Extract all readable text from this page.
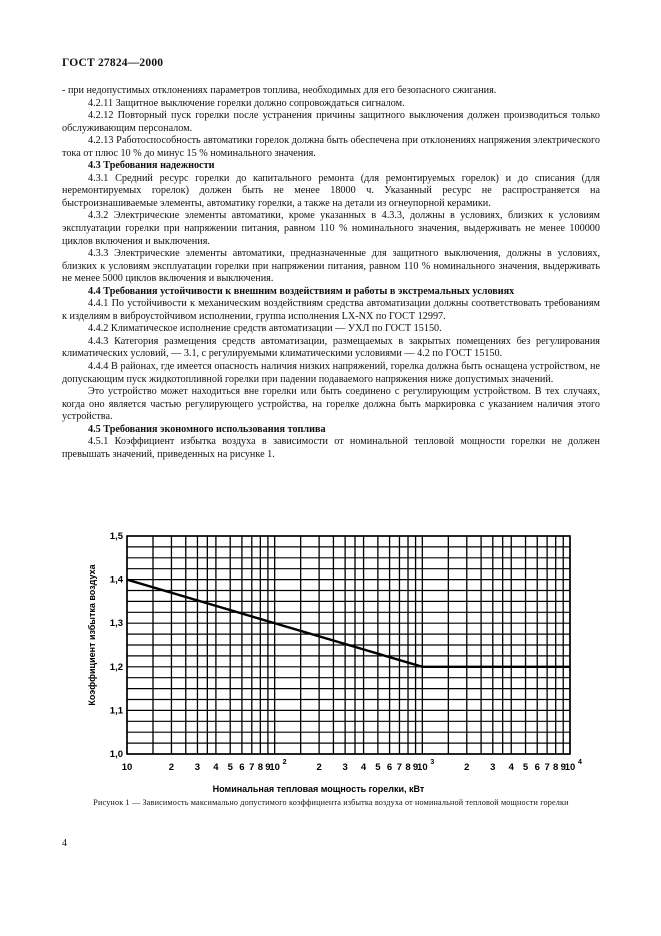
ГОСТ 27824—2000

- при недопустимых отклонениях параметров топлива, необходимых для его безопасного сжигания.

4.2.11 Защитное выключение горелки должно сопровождаться сигналом.

4.2.12 Повторный пуск горелки после устранения причины защитного выключения должен производиться только обслуживающим персоналом.

4.2.13 Работоспособность автоматики горелок должна быть обеспечена при отклонениях напряжения электрического тока от плюс 10 % до минус 15 % номинального значения.

4.3 Требования надежности

4.3.1 Средний ресурс горелки до капитального ремонта (для ремонтируемых горелок) и до списания (для неремонтируемых горелок) должен быть не менее 18000 ч. Указанный ресурс не распространяется на быстроизнашиваемые элементы, автоматику горелки, а также на детали из огнеупорной керамики.

4.3.2 Электрические элементы автоматики, кроме указанных в 4.3.3, должны в условиях, близких к условиям эксплуатации горелки при напряжении питания, равном 110 % номинального значения, выдерживать не менее 100000 циклов включения и выключения.

4.3.3 Электрические элементы автоматики, предназначенные для защитного выключения, должны в условиях, близких к условиям эксплуатации горелки при напряжении питания, равном 110 % номинального значения, выдерживать не менее 5000 циклов включения и выключения.

4.4 Требования устойчивости к внешним воздействиям и работы в экстремальных условиях

4.4.1 По устойчивости к механическим воздействиям средства автоматизации должны соответствовать требованиям к изделиям в виброустойчивом исполнении, группа исполнения LX-NX по ГОСТ 12997.

4.4.2 Климатическое исполнение средств автоматизации — УХЛ по ГОСТ 15150.

4.4.3 Категория размещения средств автоматизации, размещаемых в закрытых помещениях без регулирования климатических условий, — 3.1, с регулируемыми климатическими условиями — 4.2 по ГОСТ 15150.

4.4.4 В районах, где имеется опасность наличия низких напряжений, горелка должна быть оснащена устройством, не допускающим пуск жидкотопливной горелки при падении подаваемого напряжения ниже допустимых значений.

Это устройство может находиться вне горелки или быть соединено с регулирующим устройством. В тех случаях, когда оно является частью регулирующего устройства, на горелке должна быть маркировка с указанием наличия этого устройства.

4.5 Требования экономного использования топлива

4.5.1 Коэффициент избытка воздуха в зависимости от номинальной тепловой мощности горелки не должен превышать значений, приведенных на рисунке 1.

1,0
1,1
1,2
1,3
1,4
1,5
10	2 3 4 5 6 7 8 9
10 2	2 3 4 5 6 7 8 9
10 3	2 3 4 5 6 7 8 9
10 4
Номинальная тепловая мощность горелки, кВт
Коэффициент избытка воздуха
Рисунок 1 — Зависимость максимально допустимого коэффициента избытка воздуха от номинальной тепловой мощности горелки
4
